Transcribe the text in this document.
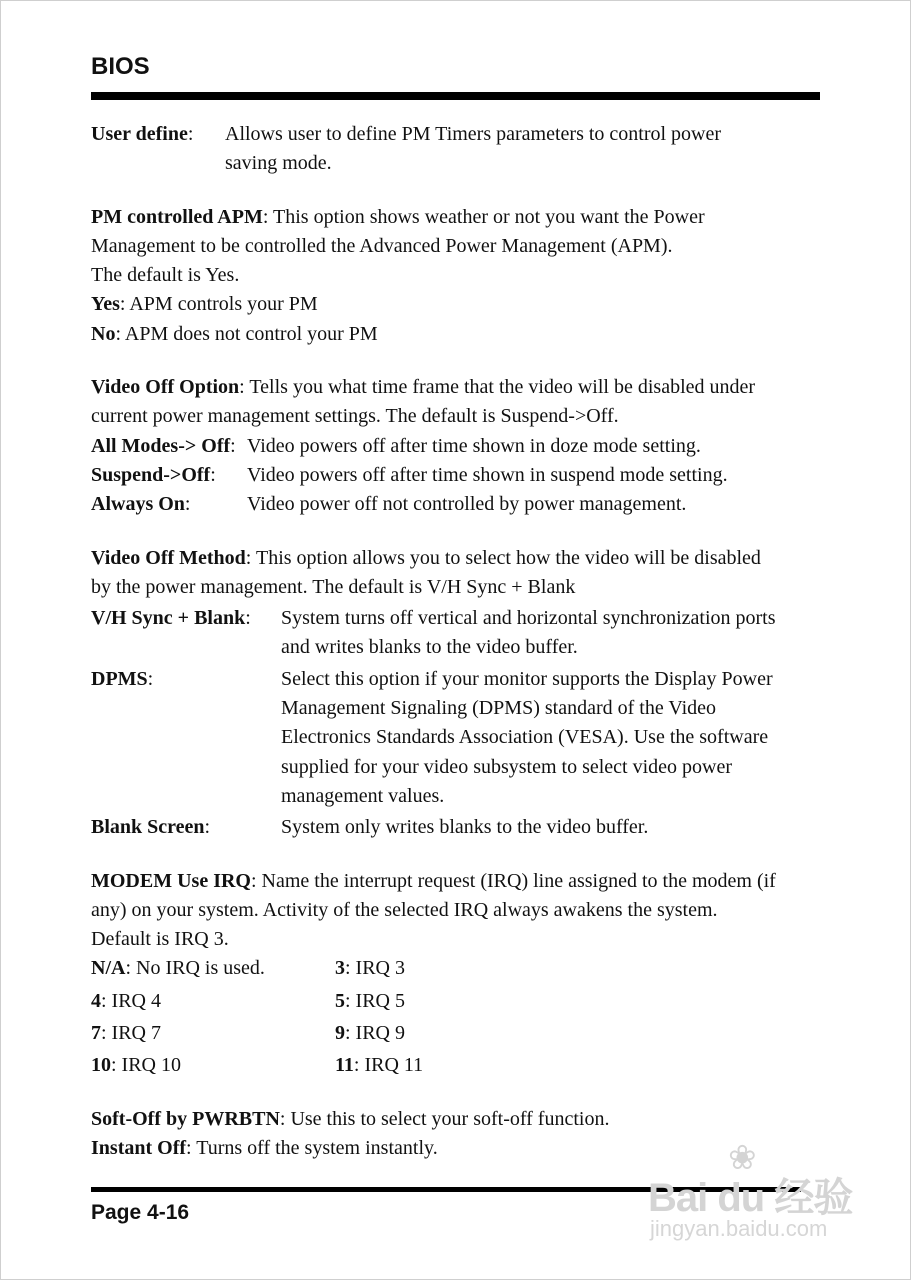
BIOS
User define:	Allows user to define PM Timers parameters to control power
saving mode.
PM controlled APM: This option shows weather or not you want the Power
Management to be controlled the Advanced Power Management (APM).
The default is Yes.
Yes: APM controls your PM
No: APM does not control your PM
Video Off Option: Tells you what time frame that the video will be disabled under
current power management settings. The default is Suspend->Off.
All Modes-> Off: Video powers off after time shown in doze mode setting.
Suspend->Off:	Video powers off after time shown in suspend mode setting.
Always On:	Video power off not controlled by power management.
Video Off Method: This option allows you to select how the video will be disabled
by the power management. The default is V/H Sync + Blank
V/H Sync + Blank:	System turns off vertical and horizontal synchronization ports
and writes blanks to the video buffer.
DPMS:	Select this option if your monitor supports the Display Power
Management Signaling (DPMS) standard of the Video
Electronics Standards Association (VESA). Use the software
supplied for your video subsystem to select video power
management values.
Blank Screen:	System only writes blanks to the video buffer.
MODEM Use IRQ: Name the interrupt request (IRQ) line assigned to the modem (if
any) on your system. Activity of the selected IRQ always awakens the system.
Default is IRQ 3.
N/A: No IRQ is used.	3: IRQ 3
4: IRQ 4	5: IRQ 5
7: IRQ 7	9: IRQ 9
10: IRQ 10	11: IRQ 11
Soft-Off by PWRBTN: Use this to select your soft-off function.
Instant Off: Turns off the system instantly.
Page 4-16
❀
Bai du 经验
jingyan.baidu.com
